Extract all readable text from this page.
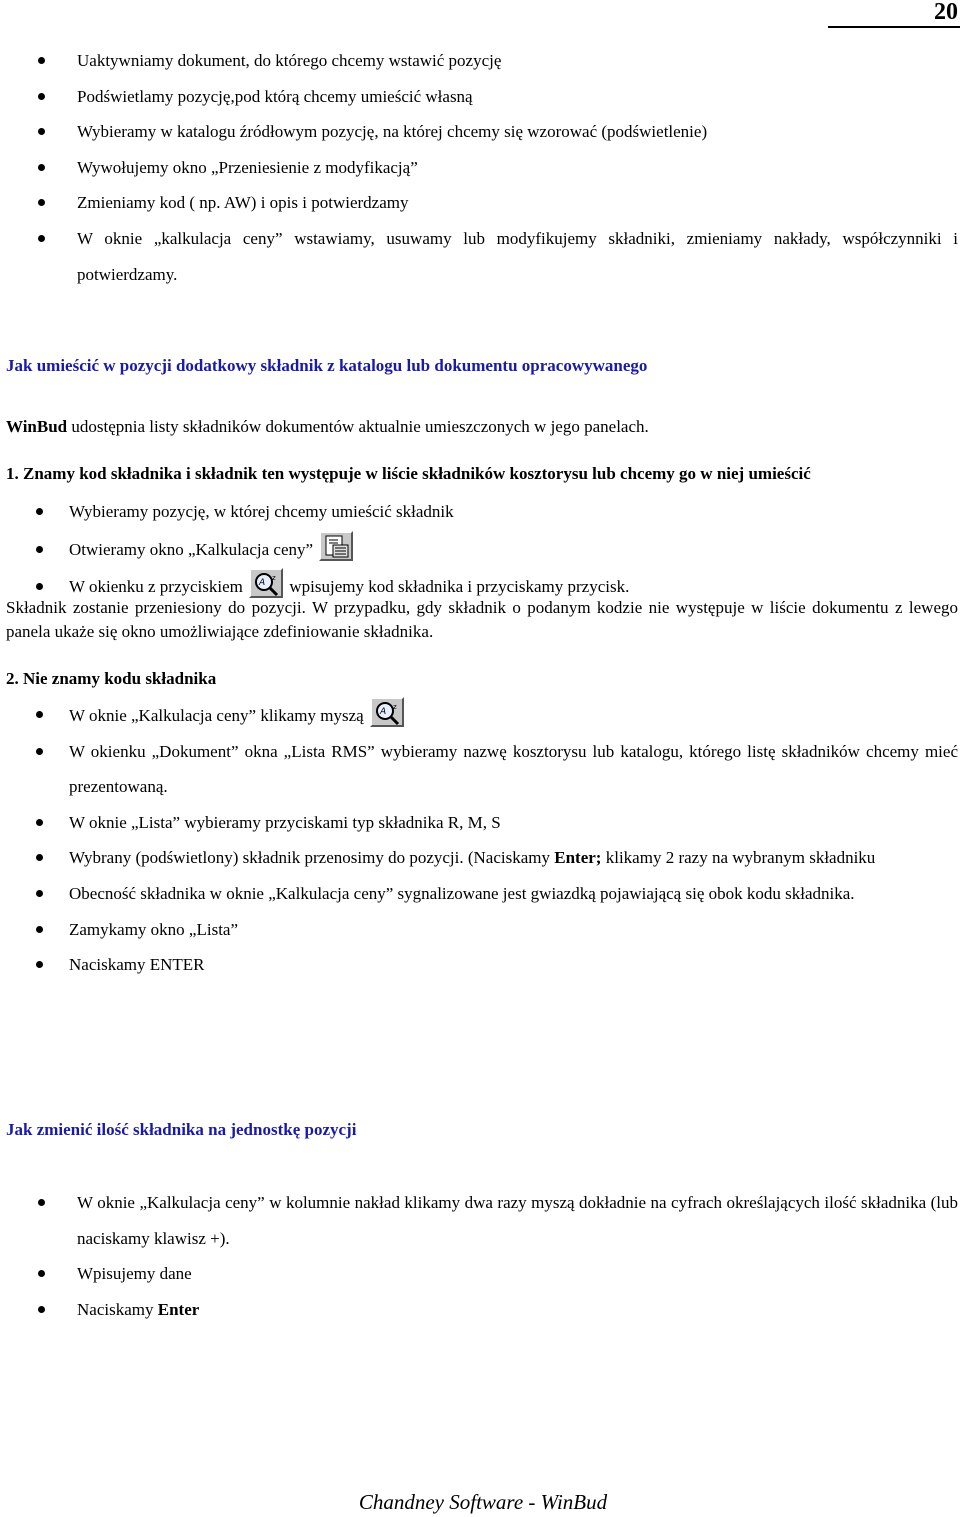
20
Uaktywniamy dokument, do którego chcemy wstawić pozycję
Podświetlamy pozycję,pod którą chcemy umieścić własną
Wybieramy w katalogu źródłowym pozycję, na której chcemy się wzorować (podświetlenie)
Wywołujemy okno „Przeniesienie z modyfikacją”
Zmieniamy kod ( np. AW) i opis i potwierdzamy
W oknie „kalkulacja ceny” wstawiamy, usuwamy lub modyfikujemy składniki, zmieniamy nakłady, współczynniki i potwierdzamy.
Jak umieścić w pozycji dodatkowy składnik z katalogu lub dokumentu opracowywanego
WinBud udostępnia listy składników dokumentów aktualnie umieszczonych w jego panelach.
1. Znamy kod składnika i składnik ten występuje w liście składników kosztorysu lub chcemy go w niej umieścić
Wybieramy pozycję, w której chcemy umieścić składnik
Otwieramy okno „Kalkulacja ceny”
W okienku z przyciskiem A z wpisujemy kod składnika i przyciskamy przycisk.
Składnik zostanie przeniesiony do pozycji. W przypadku, gdy składnik o podanym kodzie nie występuje w liście dokumentu z lewego panela ukaże się okno umożliwiające zdefiniowanie składnika.
2. Nie znamy kodu składnika
W oknie „Kalkulacja ceny” klikamy myszą A z
W okienku „Dokument” okna „Lista RMS” wybieramy nazwę kosztorysu lub katalogu, którego listę składników chcemy mieć prezentowaną.
W oknie „Lista” wybieramy przyciskami typ składnika R, M, S
Wybrany (podświetlony) składnik przenosimy do pozycji. (Naciskamy Enter; klikamy 2 razy na wybranym składniku
Obecność składnika w oknie „Kalkulacja ceny” sygnalizowane jest gwiazdką pojawiającą się obok kodu składnika.
Zamykamy okno „Lista”
Naciskamy ENTER
Jak zmienić ilość składnika na jednostkę pozycji
W oknie „Kalkulacja ceny” w kolumnie nakład klikamy dwa razy myszą dokładnie na cyfrach określających ilość składnika (lub naciskamy klawisz +).
Wpisujemy dane
Naciskamy Enter
Chandney Software - WinBud
